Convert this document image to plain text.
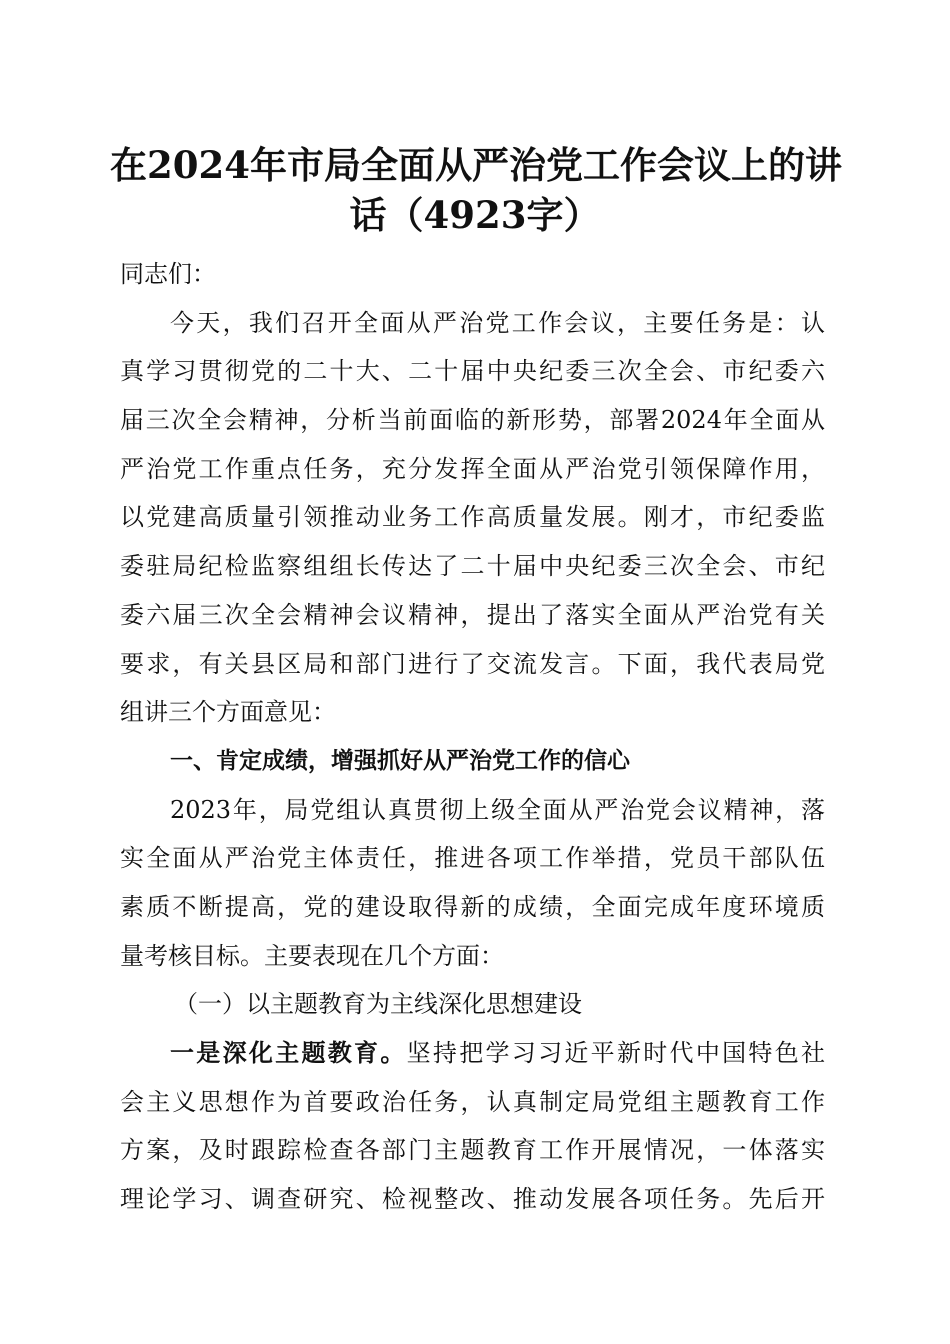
在2024年市局全面从严治党工作会议上的讲
话（4923字）
同志们：
今天，我们召开全面从严治党工作会议，主要任务是：认
真学习贯彻党的二十大、二十届中央纪委三次全会、市纪委六
届三次全会精神，分析当前面临的新形势，部署2024年全面从
严治党工作重点任务，充分发挥全面从严治党引领保障作用，
以党建高质量引领推动业务工作高质量发展。刚才，市纪委监
委驻局纪检监察组组长传达了二十届中央纪委三次全会、市纪
委六届三次全会精神会议精神，提出了落实全面从严治党有关
要求，有关县区局和部门进行了交流发言。下面，我代表局党
组讲三个方面意见：
一、肯定成绩，增强抓好从严治党工作的信心
2023年，局党组认真贯彻上级全面从严治党会议精神，落
实全面从严治党主体责任，推进各项工作举措，党员干部队伍
素质不断提高，党的建设取得新的成绩，全面完成年度环境质
量考核目标。主要表现在几个方面：
（一）以主题教育为主线深化思想建设
一是深化主题教育。坚持把学习习近平新时代中国特色社
会主义思想作为首要政治任务，认真制定局党组主题教育工作
方案，及时跟踪检查各部门主题教育工作开展情况，一体落实
理论学习、调查研究、检视整改、推动发展各项任务。先后开
